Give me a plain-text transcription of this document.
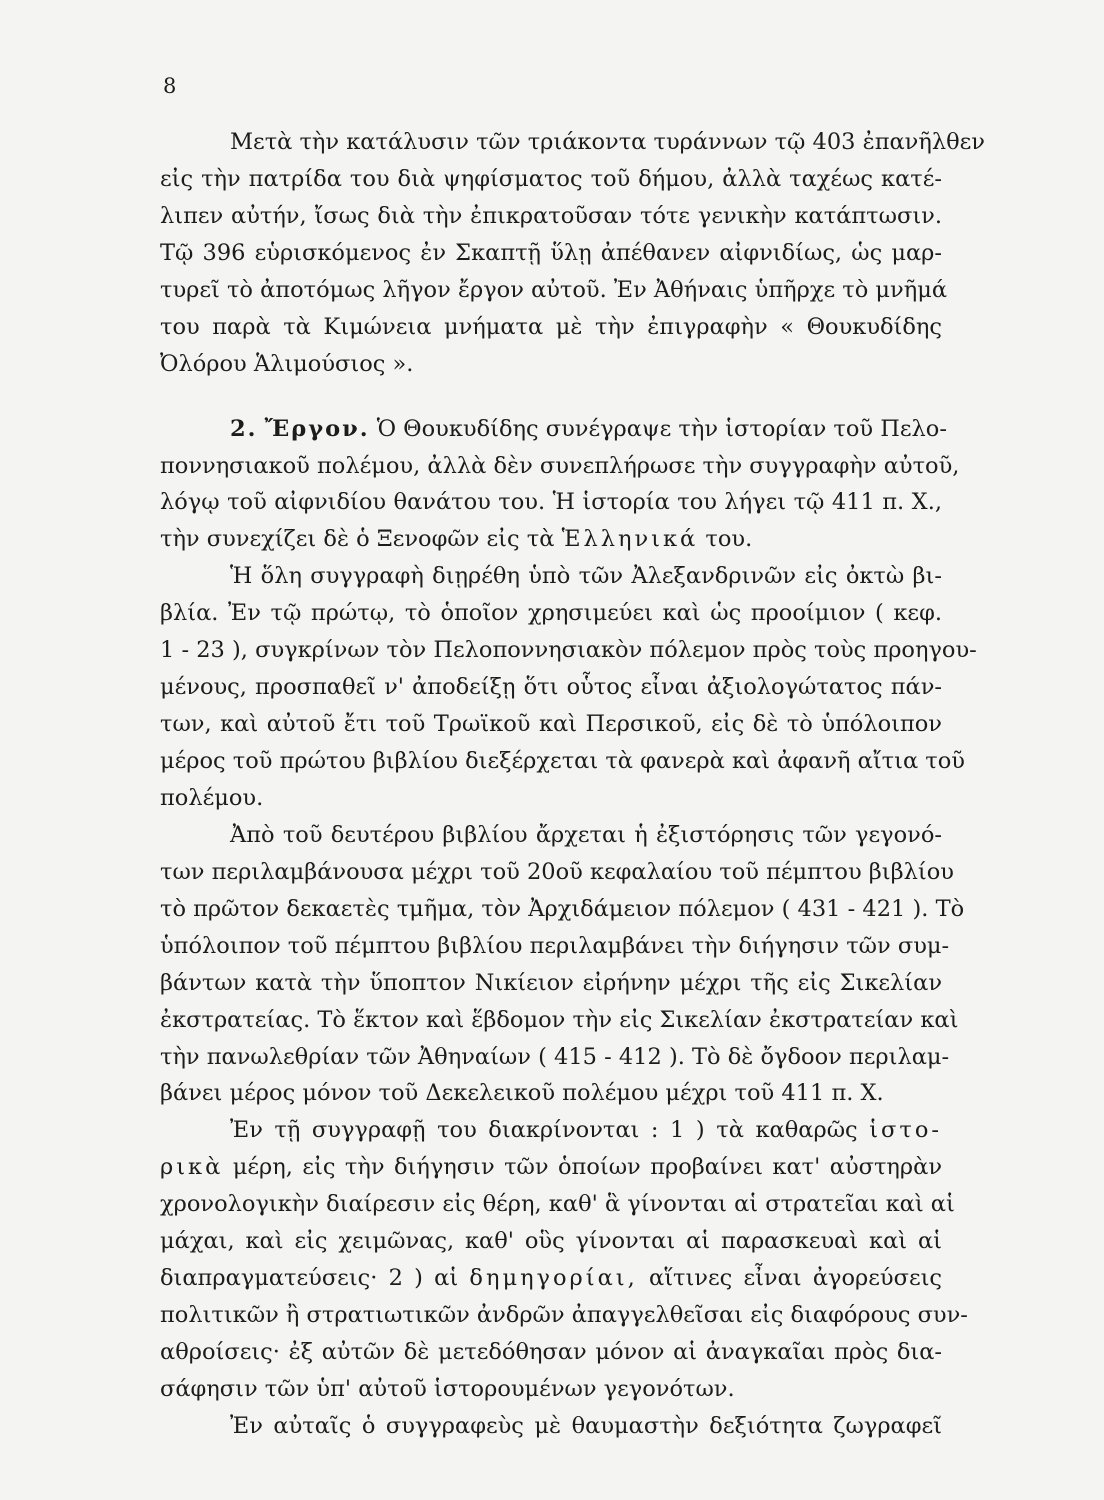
8
Μετὰ τὴν κατάλυσιν τῶν τριάκοντα τυράννων τῷ 403 ἐπανῆλθεν
εἰς τὴν πατρίδα του διὰ ψηφίσματος τοῦ δήμου, ἀλλὰ ταχέως κατέ-
λιπεν αὐτήν, ἴσως διὰ τὴν ἐπικρατοῦσαν τότε γενικὴν κατάπτωσιν.
Τῷ 396 εὑρισκόμενος ἐν Σκαπτῇ ὕλῃ ἀπέθανεν αἰφνιδίως, ὡς μαρ-
τυρεῖ τὸ ἀποτόμως λῆγον ἔργον αὐτοῦ. Ἐν Ἀθήναις ὑπῆρχε τὸ μνῆμά
του παρὰ τὰ Κιμώνεια μνήματα μὲ τὴν ἐπιγραφὴν « Θουκυδίδης
Ὀλόρου Ἁλιμούσιος ».
2. Ἔργον. Ὁ Θουκυδίδης συνέγραψε τὴν ἱστορίαν τοῦ Πελο-
ποννησιακοῦ πολέμου, ἀλλὰ δὲν συνεπλήρωσε τὴν συγγραφὴν αὐτοῦ,
λόγῳ τοῦ αἰφνιδίου θανάτου του. Ἡ ἱστορία του λήγει τῷ 411 π. Χ.,
τὴν συνεχίζει δὲ ὁ Ξενοφῶν εἰς τὰ Ἑλληνικά του.
Ἡ ὅλη συγγραφὴ διῃρέθη ὑπὸ τῶν Ἀλεξανδρινῶν εἰς ὀκτὼ βι-
βλία. Ἐν τῷ πρώτῳ, τὸ ὁποῖον χρησιμεύει καὶ ὡς προοίμιον ( κεφ.
1 - 23 ), συγκρίνων τὸν Πελοποννησιακὸν πόλεμον πρὸς τοὺς προηγου-
μένους, προσπαθεῖ ν' ἀποδείξῃ ὅτι οὗτος εἶναι ἀξιολογώτατος πάν-
των, καὶ αὐτοῦ ἔτι τοῦ Τρωϊκοῦ καὶ Περσικοῦ, εἰς δὲ τὸ ὑπόλοιπον
μέρος τοῦ πρώτου βιβλίου διεξέρχεται τὰ φανερὰ καὶ ἀφανῆ αἴτια τοῦ
πολέμου.
Ἀπὸ τοῦ δευτέρου βιβλίου ἄρχεται ἡ ἐξιστόρησις τῶν γεγονό-
των περιλαμβάνουσα μέχρι τοῦ 20οῦ κεφαλαίου τοῦ πέμπτου βιβλίου
τὸ πρῶτον δεκαετὲς τμῆμα, τὸν Ἀρχιδάμειον πόλεμον ( 431 - 421 ). Τὸ
ὑπόλοιπον τοῦ πέμπτου βιβλίου περιλαμβάνει τὴν διήγησιν τῶν συμ-
βάντων κατὰ τὴν ὕποπτον Νικίειον εἰρήνην μέχρι τῆς εἰς Σικελίαν
ἐκστρατείας. Τὸ ἕκτον καὶ ἕβδομον τὴν εἰς Σικελίαν ἐκστρατείαν καὶ
τὴν πανωλεθρίαν τῶν Ἀθηναίων ( 415 - 412 ). Τὸ δὲ ὄγδοον περιλαμ-
βάνει μέρος μόνον τοῦ Δεκελεικοῦ πολέμου μέχρι τοῦ 411 π. Χ.
Ἐν τῇ συγγραφῇ του διακρίνονται : 1 ) τὰ καθαρῶς ἱστο-
ρικὰ μέρη, εἰς τὴν διήγησιν τῶν ὁποίων προβαίνει κατ' αὐστηρὰν
χρονολογικὴν διαίρεσιν εἰς θέρη, καθ' ἃ γίνονται αἱ στρατεῖαι καὶ αἱ
μάχαι, καὶ εἰς χειμῶνας, καθ' οὓς γίνονται αἱ παρασκευαὶ καὶ αἱ
διαπραγματεύσεις· 2 ) αἱ δημηγορίαι, αἵτινες εἶναι ἀγορεύσεις
πολιτικῶν ἢ στρατιωτικῶν ἀνδρῶν ἀπαγγελθεῖσαι εἰς διαφόρους συν-
αθροίσεις· ἐξ αὐτῶν δὲ μετεδόθησαν μόνον αἱ ἀναγκαῖαι πρὸς δια-
σάφησιν τῶν ὑπ' αὐτοῦ ἱστορουμένων γεγονότων.
Ἐν αὐταῖς ὁ συγγραφεὺς μὲ θαυμαστὴν δεξιότητα ζωγραφεῖ
